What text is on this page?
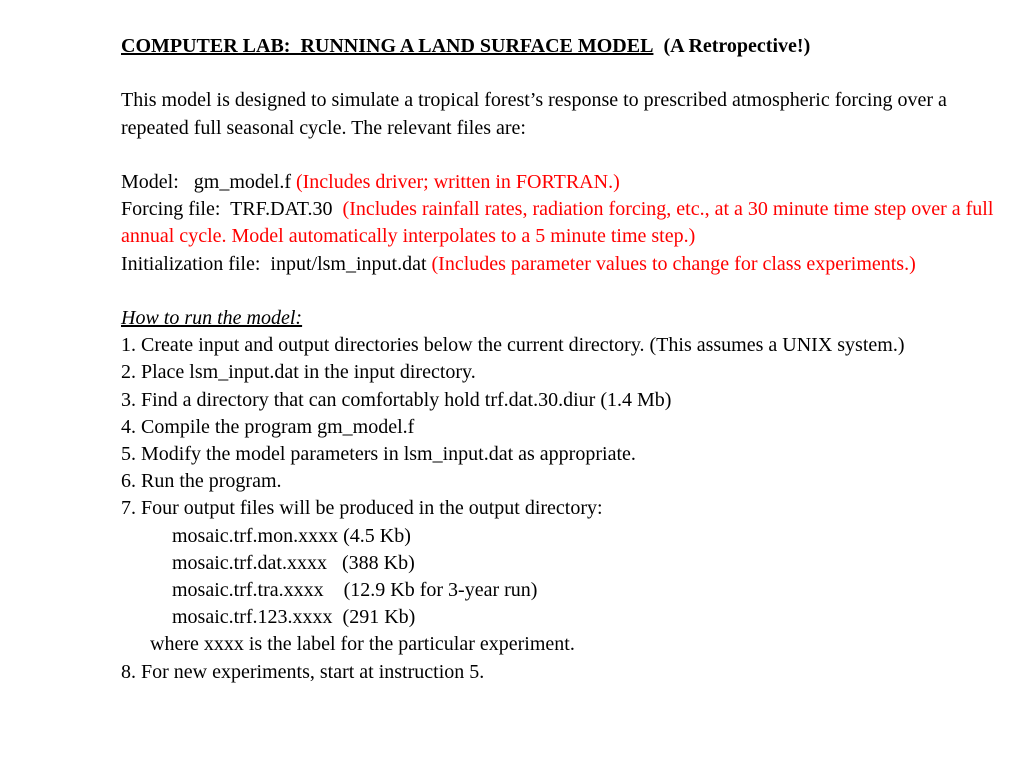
COMPUTER LAB:  RUNNING A LAND SURFACE MODEL (A Retropective!)
This model is designed to simulate a tropical forest’s response to prescribed atmospheric forcing over a repeated full seasonal cycle. The relevant files are:
Model:   gm_model.f (Includes driver; written in FORTRAN.)
Forcing file:  TRF.DAT.30  (Includes rainfall rates, radiation forcing, etc., at a 30 minute time step over a full annual cycle. Model automatically interpolates to a 5 minute time step.)
Initialization file:  input/lsm_input.dat (Includes parameter values to change for class experiments.)
How to run the model:
1. Create input and output directories below the current directory. (This assumes a UNIX system.)
2. Place lsm_input.dat in the input directory.
3. Find a directory that can comfortably hold trf.dat.30.diur (1.4 Mb)
4. Compile the program gm_model.f
5. Modify the model parameters in lsm_input.dat as appropriate.
6. Run the program.
7. Four output files will be produced in the output directory:
mosaic.trf.mon.xxxx (4.5 Kb)
mosaic.trf.dat.xxxx   (388 Kb)
mosaic.trf.tra.xxxx    (12.9 Kb for 3-year run)
mosaic.trf.123.xxxx  (291 Kb)
where xxxx is the label for the particular experiment.
8. For new experiments, start at instruction 5.
